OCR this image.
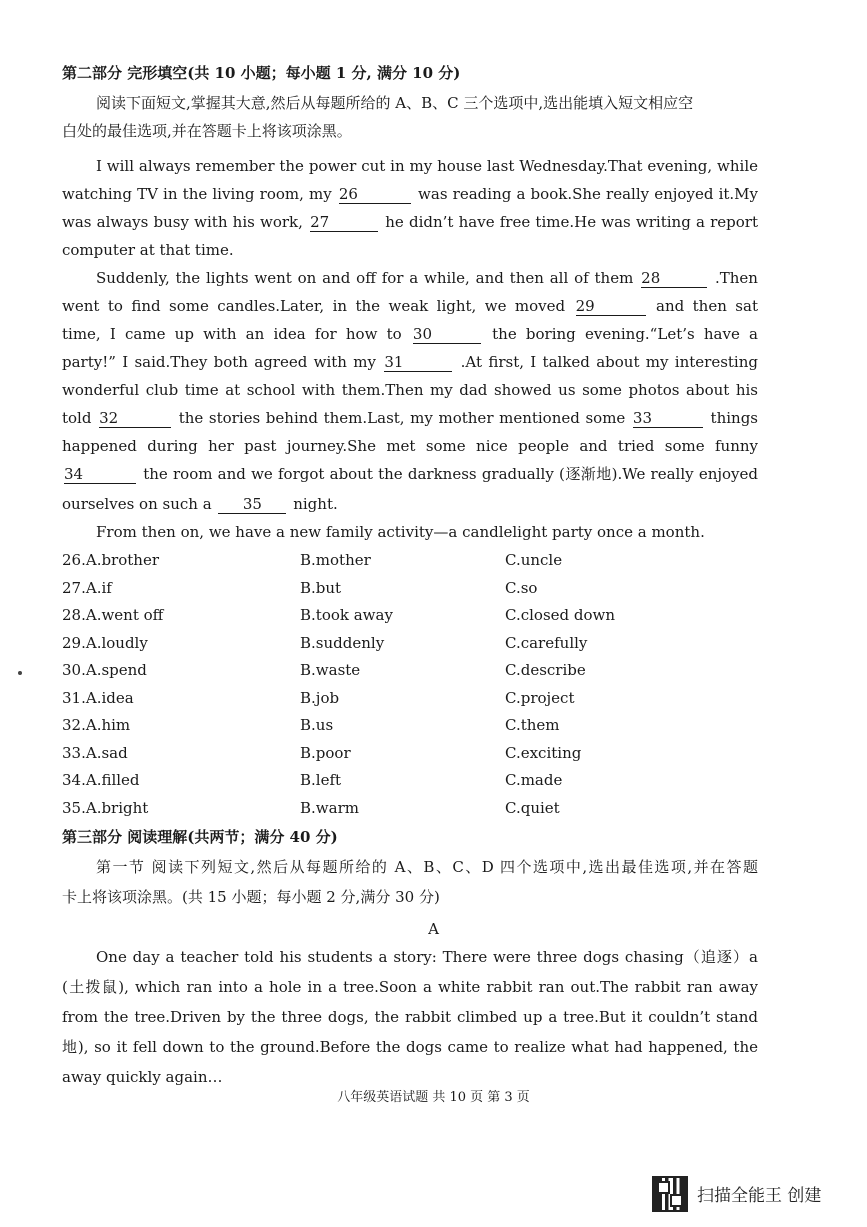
第二部分 完形填空(共 10 小题；每小题 1 分, 满分 10 分)
阅读下面短文,掌握其大意,然后从每题所给的 A、B、C 三个选项中,选出能填入短文相应空
白处的最佳选项,并在答题卡上将该项涂黑。
I will always remember the power cut in my house last Wednesday.That evening, while
watching TV in the living room, my 26	was reading a book.She really enjoyed it.My
was always busy with his work, 27	he didn’t have free time.He was writing a report
computer at that time.
Suddenly, the lights went on and off for a while, and then all of them 28	.Then
went to find some candles.Later, in the weak light, we moved 29	and then sat
time, I came up with an idea for how to 30	the boring evening.“Let’s have a
party!” I said.They both agreed with my 31	.At first, I talked about my interesting
wonderful club time at school with them.Then my dad showed us some photos about his
told 32	the stories behind them.Last, my mother mentioned some 33	things
happened during her past journey.She met some nice people and tried some funny
34	the room and we forgot about the darkness gradually (逐渐地).We really enjoyed
ourselves on such a 35 night.
From then on, we have a new family activity—a candlelight party once a month.
26.A.brother	B.mother	C.uncle
27.A.if	B.but	C.so
28.A.went off	B.took away	C.closed down
29.A.loudly	B.suddenly	C.carefully
30.A.spend	B.waste	C.describe
31.A.idea	B.job	C.project
32.A.him	B.us	C.them
33.A.sad	B.poor	C.exciting
34.A.filled	B.left	C.made
35.A.bright	B.warm	C.quiet
第三部分 阅读理解(共两节；满分 40 分)
第一节 阅读下列短文,然后从每题所给的 A、B、C、D 四个选项中,选出最佳选项,并在答题
卡上将该项涂黑。(共 15 小题；每小题 2 分,满分 30 分)
A
One day a teacher told his students a story: There were three dogs chasing（追逐）a
(土拨鼠), which ran into a hole in a tree.Soon a white rabbit ran out.The rabbit ran away
from the tree.Driven by the three dogs, the rabbit climbed up a tree.But it couldn’t stand
地), so it fell down to the ground.Before the dogs came to realize what had happened, the
away quickly again…
八年级英语试题 共 10 页 第 3 页
扫描全能王 创建
